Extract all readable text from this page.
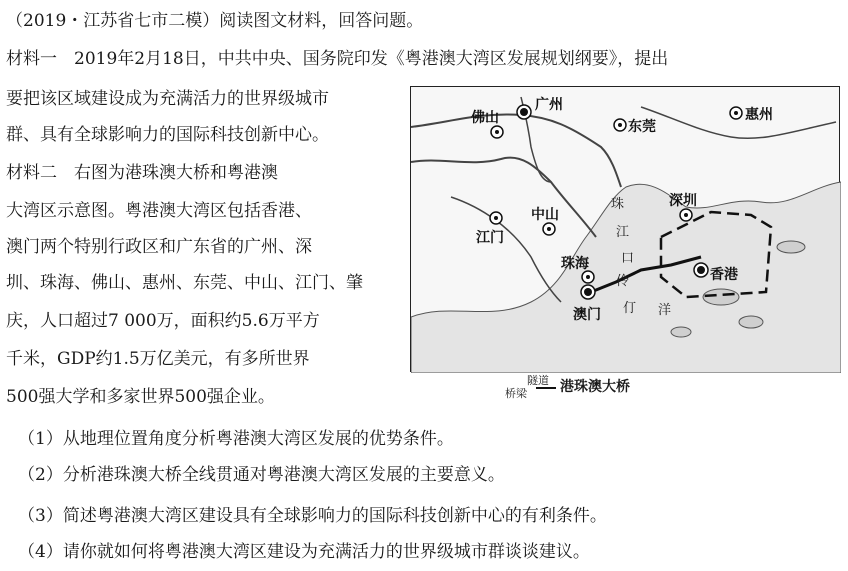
（2019・江苏省七市二模）阅读图文材料，回答问题。
材料一　2019年2月18日，中共中央、国务院印发《粤港澳大湾区发展规划纲要》，提出
要把该区域建设成为充满活力的世界级城市
群、具有全球影响力的国际科技创新中心。
材料二　右图为港珠澳大桥和粤港澳
大湾区示意图。粤港澳大湾区包括香港、
澳门两个特别行政区和广东省的广州、深
圳、珠海、佛山、惠州、东莞、中山、江门、肇
庆，人口超过7 000万，面积约5.6万平方
千米，GDP约1.5万亿美元，有多所世界
500强大学和多家世界500强企业。
广州
佛山
东莞
惠州
深圳
中山
江门
珠海
香港
澳门
珠
江
口
伶
仃 洋
隧道
桥梁 港珠澳大桥
（1）从地理位置角度分析粤港澳大湾区发展的优势条件。
（2）分析港珠澳大桥全线贯通对粤港澳大湾区发展的主要意义。
（3）简述粤港澳大湾区建设具有全球影响力的国际科技创新中心的有利条件。
（4）请你就如何将粤港澳大湾区建设为充满活力的世界级城市群谈谈建议。
